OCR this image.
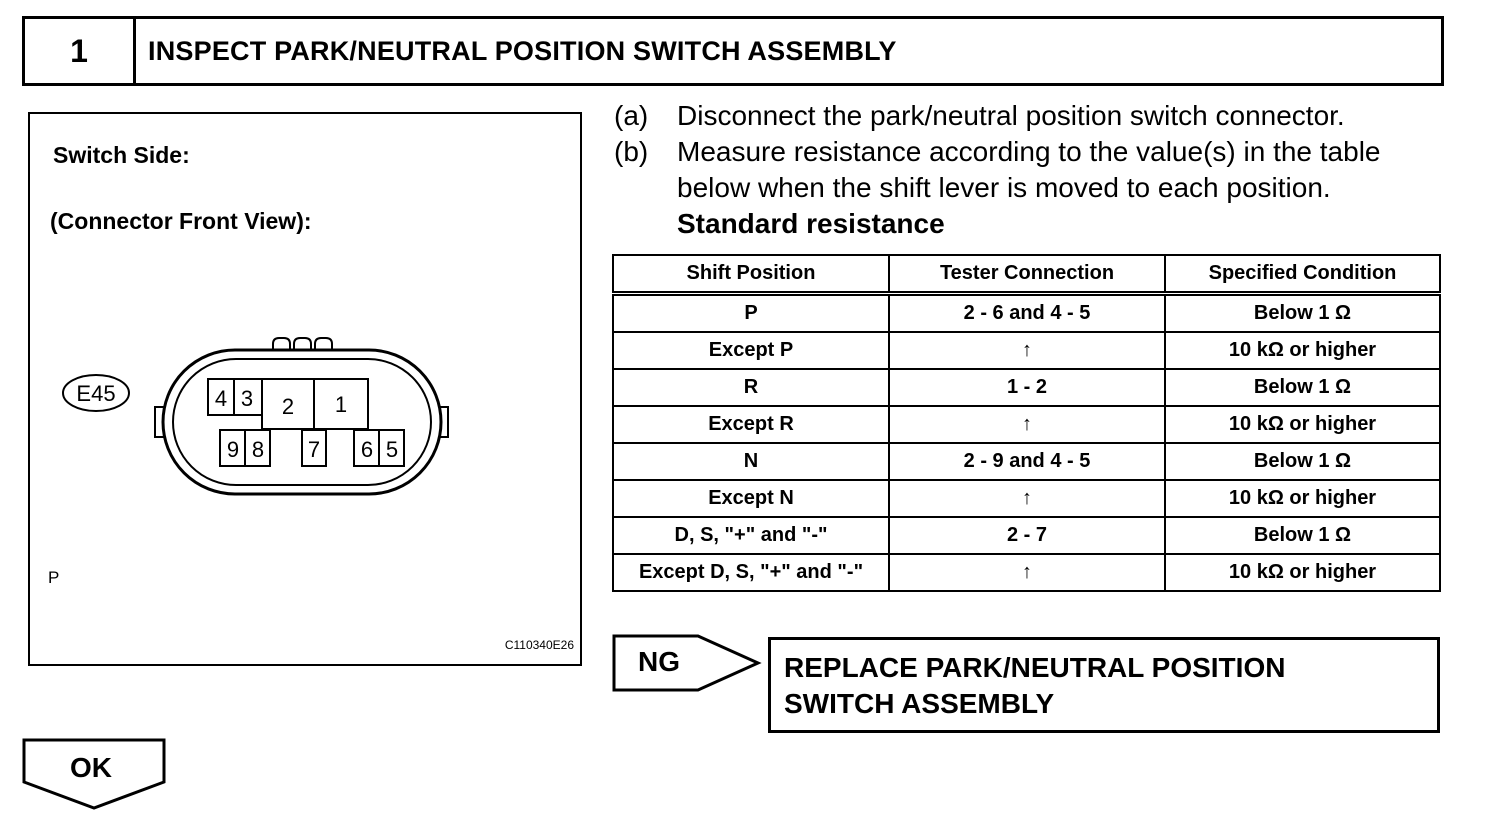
1	INSPECT PARK/NEUTRAL POSITION SWITCH ASSEMBLY
Switch Side:
(Connector Front View):
E45	4 3 2 1
9 8 7 6 5
P
C110340E26
(a) Disconnect the park/neutral position switch connector.
(b) Measure resistance according to the value(s) in the table
below when the shift lever is moved to each position.
Standard resistance
Shift Position	Tester Connection	Specified Condition
P	2 - 6 and 4 - 5	Below 1 Ω
Except P	↑	10 kΩ or higher
R	1 - 2	Below 1 Ω
Except R	↑	10 kΩ or higher
N	2 - 9 and 4 - 5	Below 1 Ω
Except N	↑	10 kΩ or higher
D, S, "+" and "-"	2 - 7	Below 1 Ω
Except D, S, "+" and "-"	↑	10 kΩ or higher
NG	REPLACE PARK/NEUTRAL POSITION
SWITCH ASSEMBLY
OK
